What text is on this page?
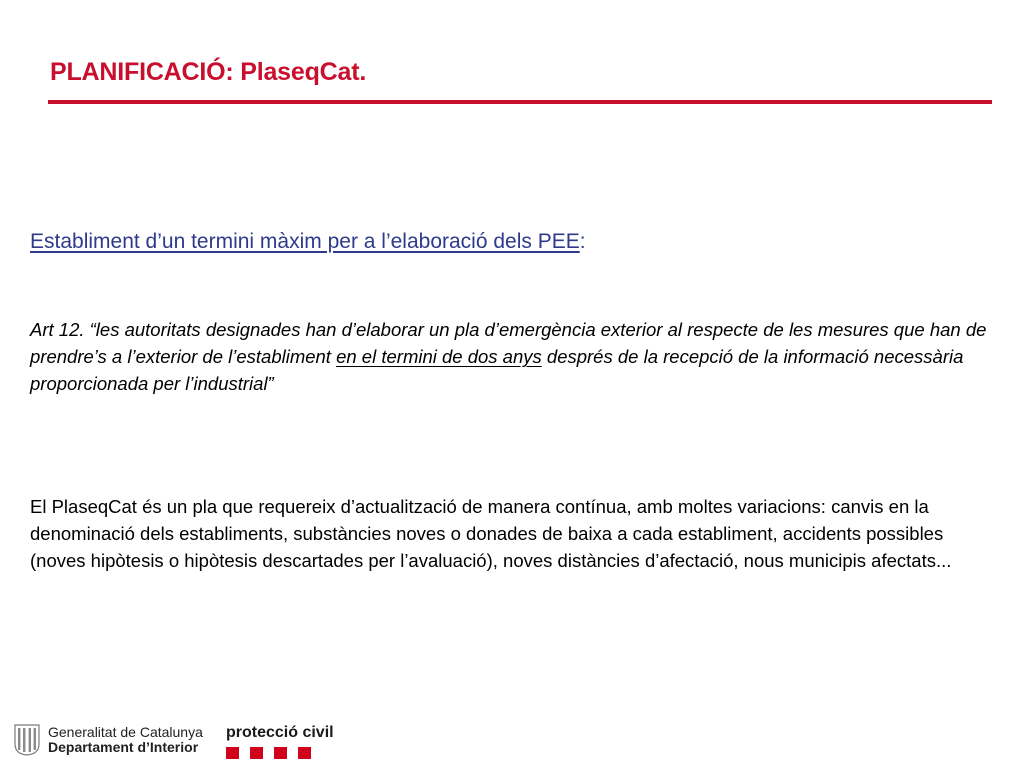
PLANIFICACIÓ: PlaseqCat.

Establiment d’un termini màxim per a l’elaboració dels PEE:

Art 12. “les autoritats designades han d’elaborar un pla d’emergència exterior al respecte de les mesures que han de prendre’s a l’exterior de l’establiment en el termini de dos anys després de la recepció de la informació necessària proporcionada per l’industrial”

El PlaseqCat és un pla que requereix d’actualització de manera contínua, amb moltes variacions: canvis en la denominació dels establiments, substàncies noves o donades de baixa a cada establiment, accidents possibles (noves hipòtesis o hipòtesis descartades per l’avaluació), noves distàncies d’afectació, nous municipis afectats...

Generalitat de Catalunya
Departament d’Interior
protecció civil
